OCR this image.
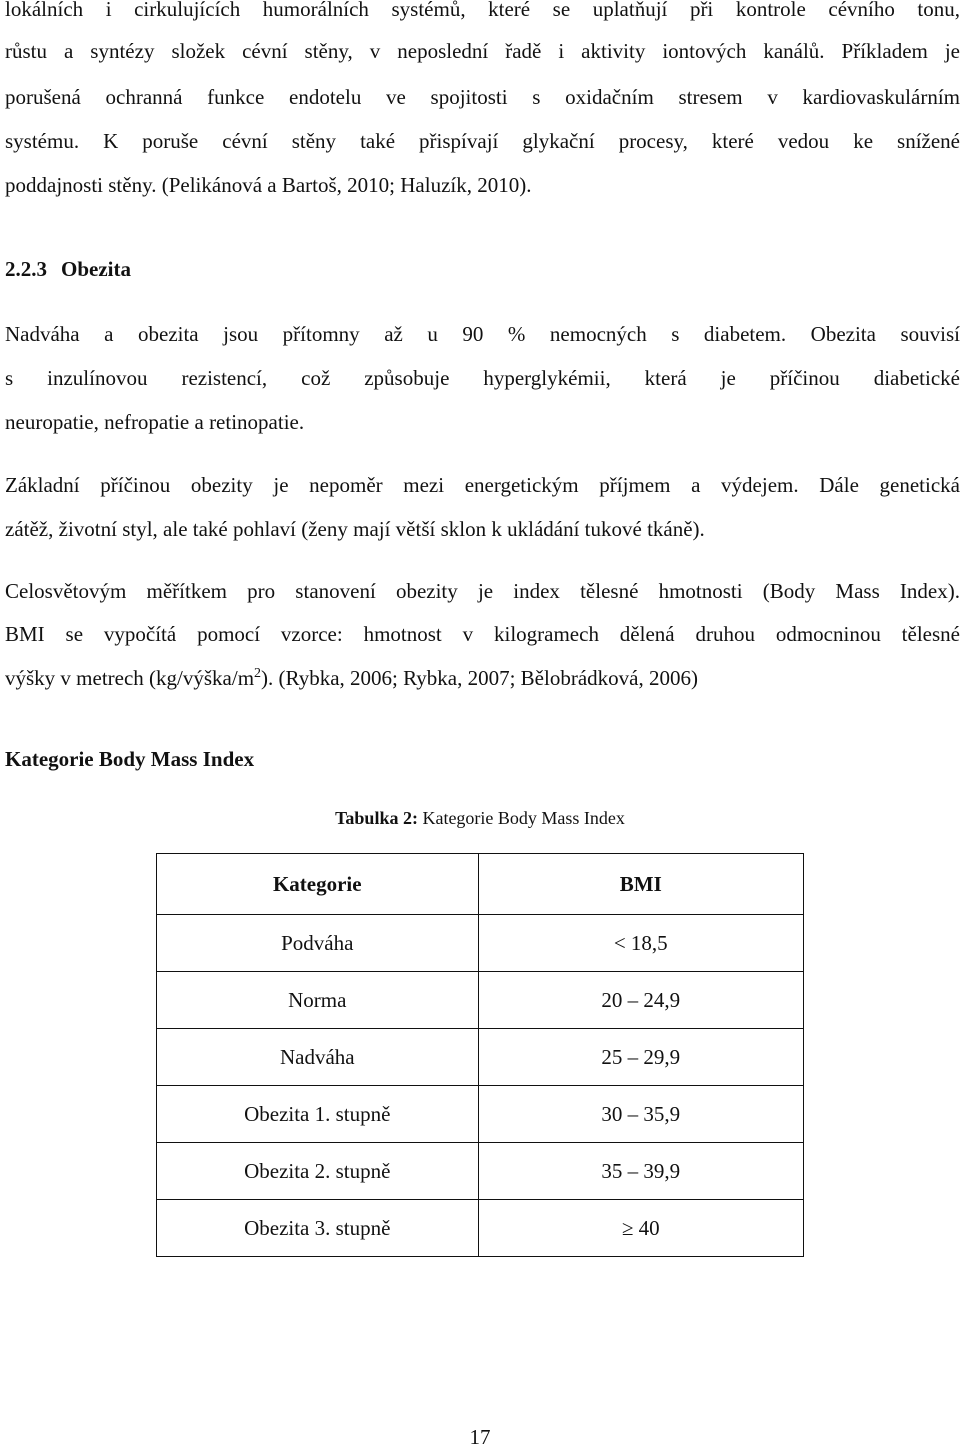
lokálních i cirkulujících humorálních systémů, které se uplatňují při kontrole cévního tonu,
růstu a syntézy složek cévní stěny, v neposlední řadě i aktivity iontových kanálů. Příkladem je
porušená ochranná funkce endotelu ve spojitosti s oxidačním stresem v kardiovaskulárním
systému. K poruše cévní stěny také přispívají glykační procesy, které vedou ke snížené
poddajnosti stěny. (Pelikánová a Bartoš, 2010; Haluzík, 2010).
2.2.3 Obezita
Nadváha a obezita jsou přítomny až u 90 % nemocných s diabetem. Obezita souvisí
s inzulínovou rezistencí, což způsobuje hyperglykémii, která je příčinou diabetické
neuropatie, nefropatie a retinopatie.
Základní příčinou obezity je nepoměr mezi energetickým příjmem a výdejem. Dále genetická
zátěž, životní styl, ale také pohlaví (ženy mají větší sklon k ukládání tukové tkáně).
Celosvětovým měřítkem pro stanovení obezity je index tělesné hmotnosti (Body Mass Index).
BMI se vypočítá pomocí vzorce: hmotnost v kilogramech dělená druhou odmocninou tělesné
výšky v metrech $(kg/výška/m^2)$. (Rybka, 2006; Rybka, 2007; Bělobrádková, 2006)
Kategorie Body Mass Index
Tabulka 2: Kategorie Body Mass Index
Kategorie	BMI
Podváha	< 18,5
Norma	20 – 24,9
Nadváha	25 – 29,9
Obezita 1. stupně	30 – 35,9
Obezita 2. stupně	35 – 39,9
Obezita 3. stupně	≥ 40
17
